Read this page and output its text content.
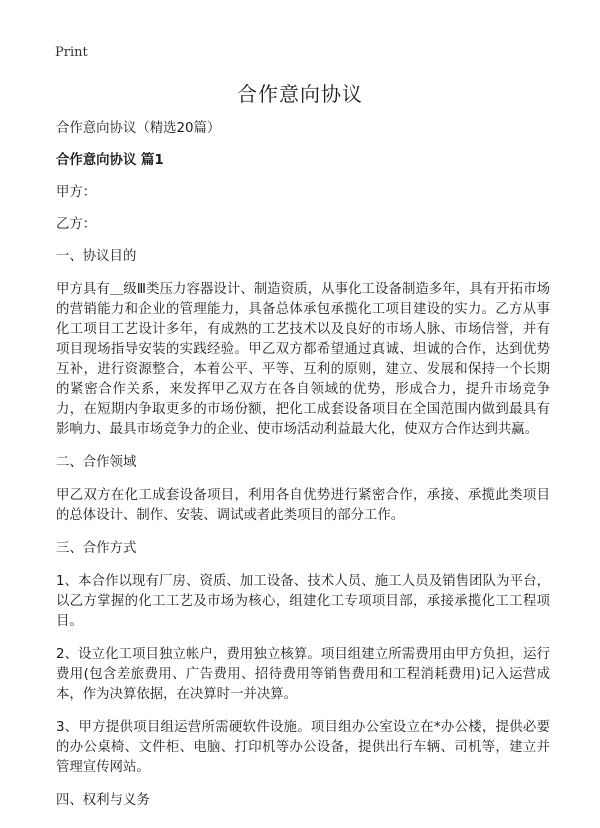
Print
合作意向协议

合作意向协议（精选20篇）

合作意向协议 篇1

甲方：

乙方：

一、协议目的

甲方具有＿级Ⅲ类压力容器设计、制造资质，从事化工设备制造多年，具有开拓市场的营销能力和企业的管理能力，具备总体承包承揽化工项目建设的实力。乙方从事化工项目工艺设计多年，有成熟的工艺技术以及良好的市场人脉、市场信誉，并有项目现场指导安装的实践经验。甲乙双方都希望通过真诚、坦诚的合作，达到优势互补，进行资源整合，本着公平、平等、互利的原则，建立、发展和保持一个长期的紧密合作关系，来发挥甲乙双方在各自领域的优势，形成合力，提升市场竞争力，在短期内争取更多的市场份额，把化工成套设备项目在全国范围内做到最具有影响力、最具市场竞争力的企业、使市场活动利益最大化，使双方合作达到共赢。

二、合作领域

甲乙双方在化工成套设备项目，利用各自优势进行紧密合作，承接、承揽此类项目的总体设计、制作、安装、调试或者此类项目的部分工作。

三、合作方式

1、本合作以现有厂房、资质、加工设备、技术人员、施工人员及销售团队为平台，以乙方掌握的化工工艺及市场为核心，组建化工专项项目部，承接承揽化工工程项目。

2、设立化工项目独立帐户，费用独立核算。项目组建立所需费用由甲方负担，运行费用(包含差旅费用、广告费用、招待费用等销售费用和工程消耗费用)记入运营成本，作为决算依据，在决算时一并决算。

3、甲方提供项目组运营所需硬软件设施。项目组办公室设立在*办公楼，提供必要的办公桌椅、文件柜、电脑、打印机等办公设备，提供出行车辆、司机等，建立并管理宣传网站。

四、权利与义务
